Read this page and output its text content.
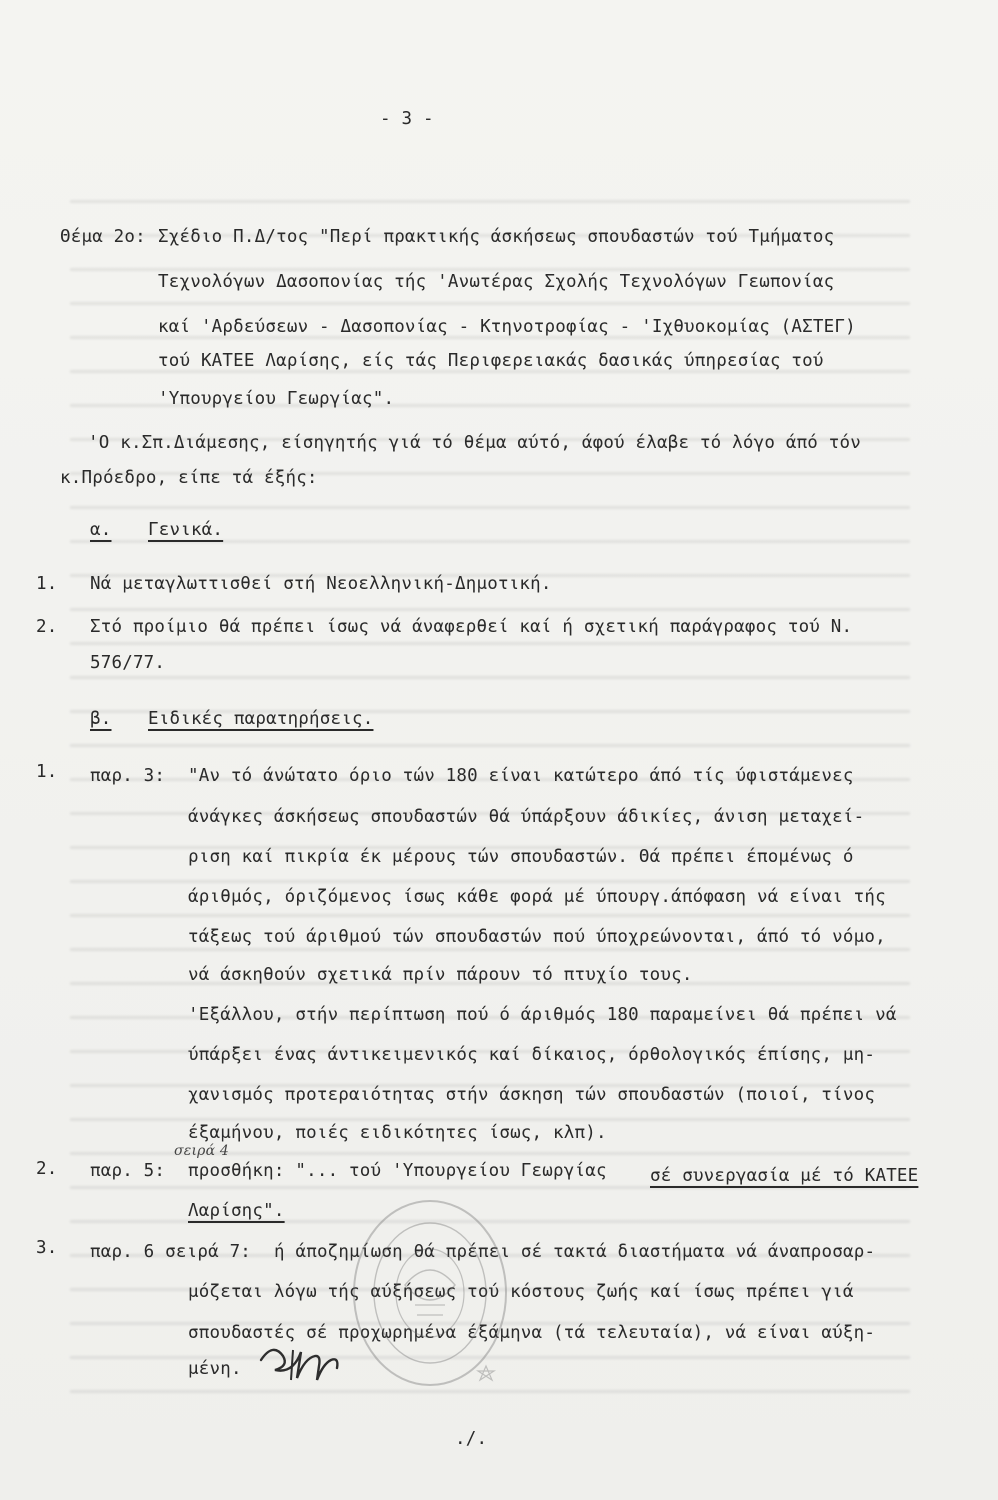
- 3 -
Θέμα 2ο: Σχέδιο Π.Δ/τος "Περί πρακτικής άσκήσεως σπουδαστών τού Τμήματος
Τεχνολόγων Δασοπονίας τής 'Ανωτέρας Σχολής Τεχνολόγων Γεωπονίας
καί 'Αρδεύσεων - Δασοπονίας - Κτηνοτροφίας - 'Ιχθυοκομίας (ΑΣΤΕΓ)
τού ΚΑΤΕΕ Λαρίσης, είς τάς Περιφερειακάς δασικάς ύπηρεσίας τού
'Υπουργείου Γεωργίας".
'Ο κ.Σπ.Διάμεσης, είσηγητής γιά τό θέμα αύτό, άφού έλαβε τό λόγο άπό τόν
κ.Πρόεδρο, είπε τά έξής:
α. Γενικά.
1. Νά μεταγλωττισθεί στή Νεοελληνική-Δημοτική.
2. Στό προίμιο θά πρέπει ίσως νά άναφερθεί καί ή σχετική παράγραφος τού Ν.
576/77.
β. Ειδικές παρατηρήσεις.
1. παρ. 3: "Αν τό άνώτατο όριο τών 180 είναι κατώτερο άπό τίς ύφιστάμενες
άνάγκες άσκήσεως σπουδαστών θά ύπάρξουν άδικίες, άνιση μεταχεί-
ριση καί πικρία έκ μέρους τών σπουδαστών. Θά πρέπει έπομένως ό
άριθμός, όριζόμενος ίσως κάθε φορά μέ ύπουργ.άπόφαση νά είναι τής
τάξεως τού άριθμού τών σπουδαστών πού ύποχρεώνονται, άπό τό νόμο,
νά άσκηθούν σχετικά πρίν πάρουν τό πτυχίο τους.
'Εξάλλου, στήν περίπτωση πού ό άριθμός 180 παραμείνει θά πρέπει νά
ύπάρξει ένας άντικειμενικός καί δίκαιος, όρθολογικός έπίσης, μη-
χανισμός προτεραιότητας στήν άσκηση τών σπουδαστών (ποιοί, τίνος
έξαμήνου, ποιές ειδικότητες ίσως, κλπ).
2. παρ. 5:
σειρά 4
προσθήκη: "... τού 'Υπουργείου Γεωργίας σέ συνεργασία μέ τό ΚΑΤΕΕ
Λαρίσης".
3. παρ. 6 σειρά 7: ή άποζημίωση θά πρέπει σέ τακτά διαστήματα νά άναπροσαρ-
μόζεται λόγω τής αύξήσεως τού κόστους ζωής καί ίσως πρέπει γιά
σπουδαστές σέ προχωρημένα έξάμηνα (τά τελευταία), νά είναι αύξη-
μένη.
./.
